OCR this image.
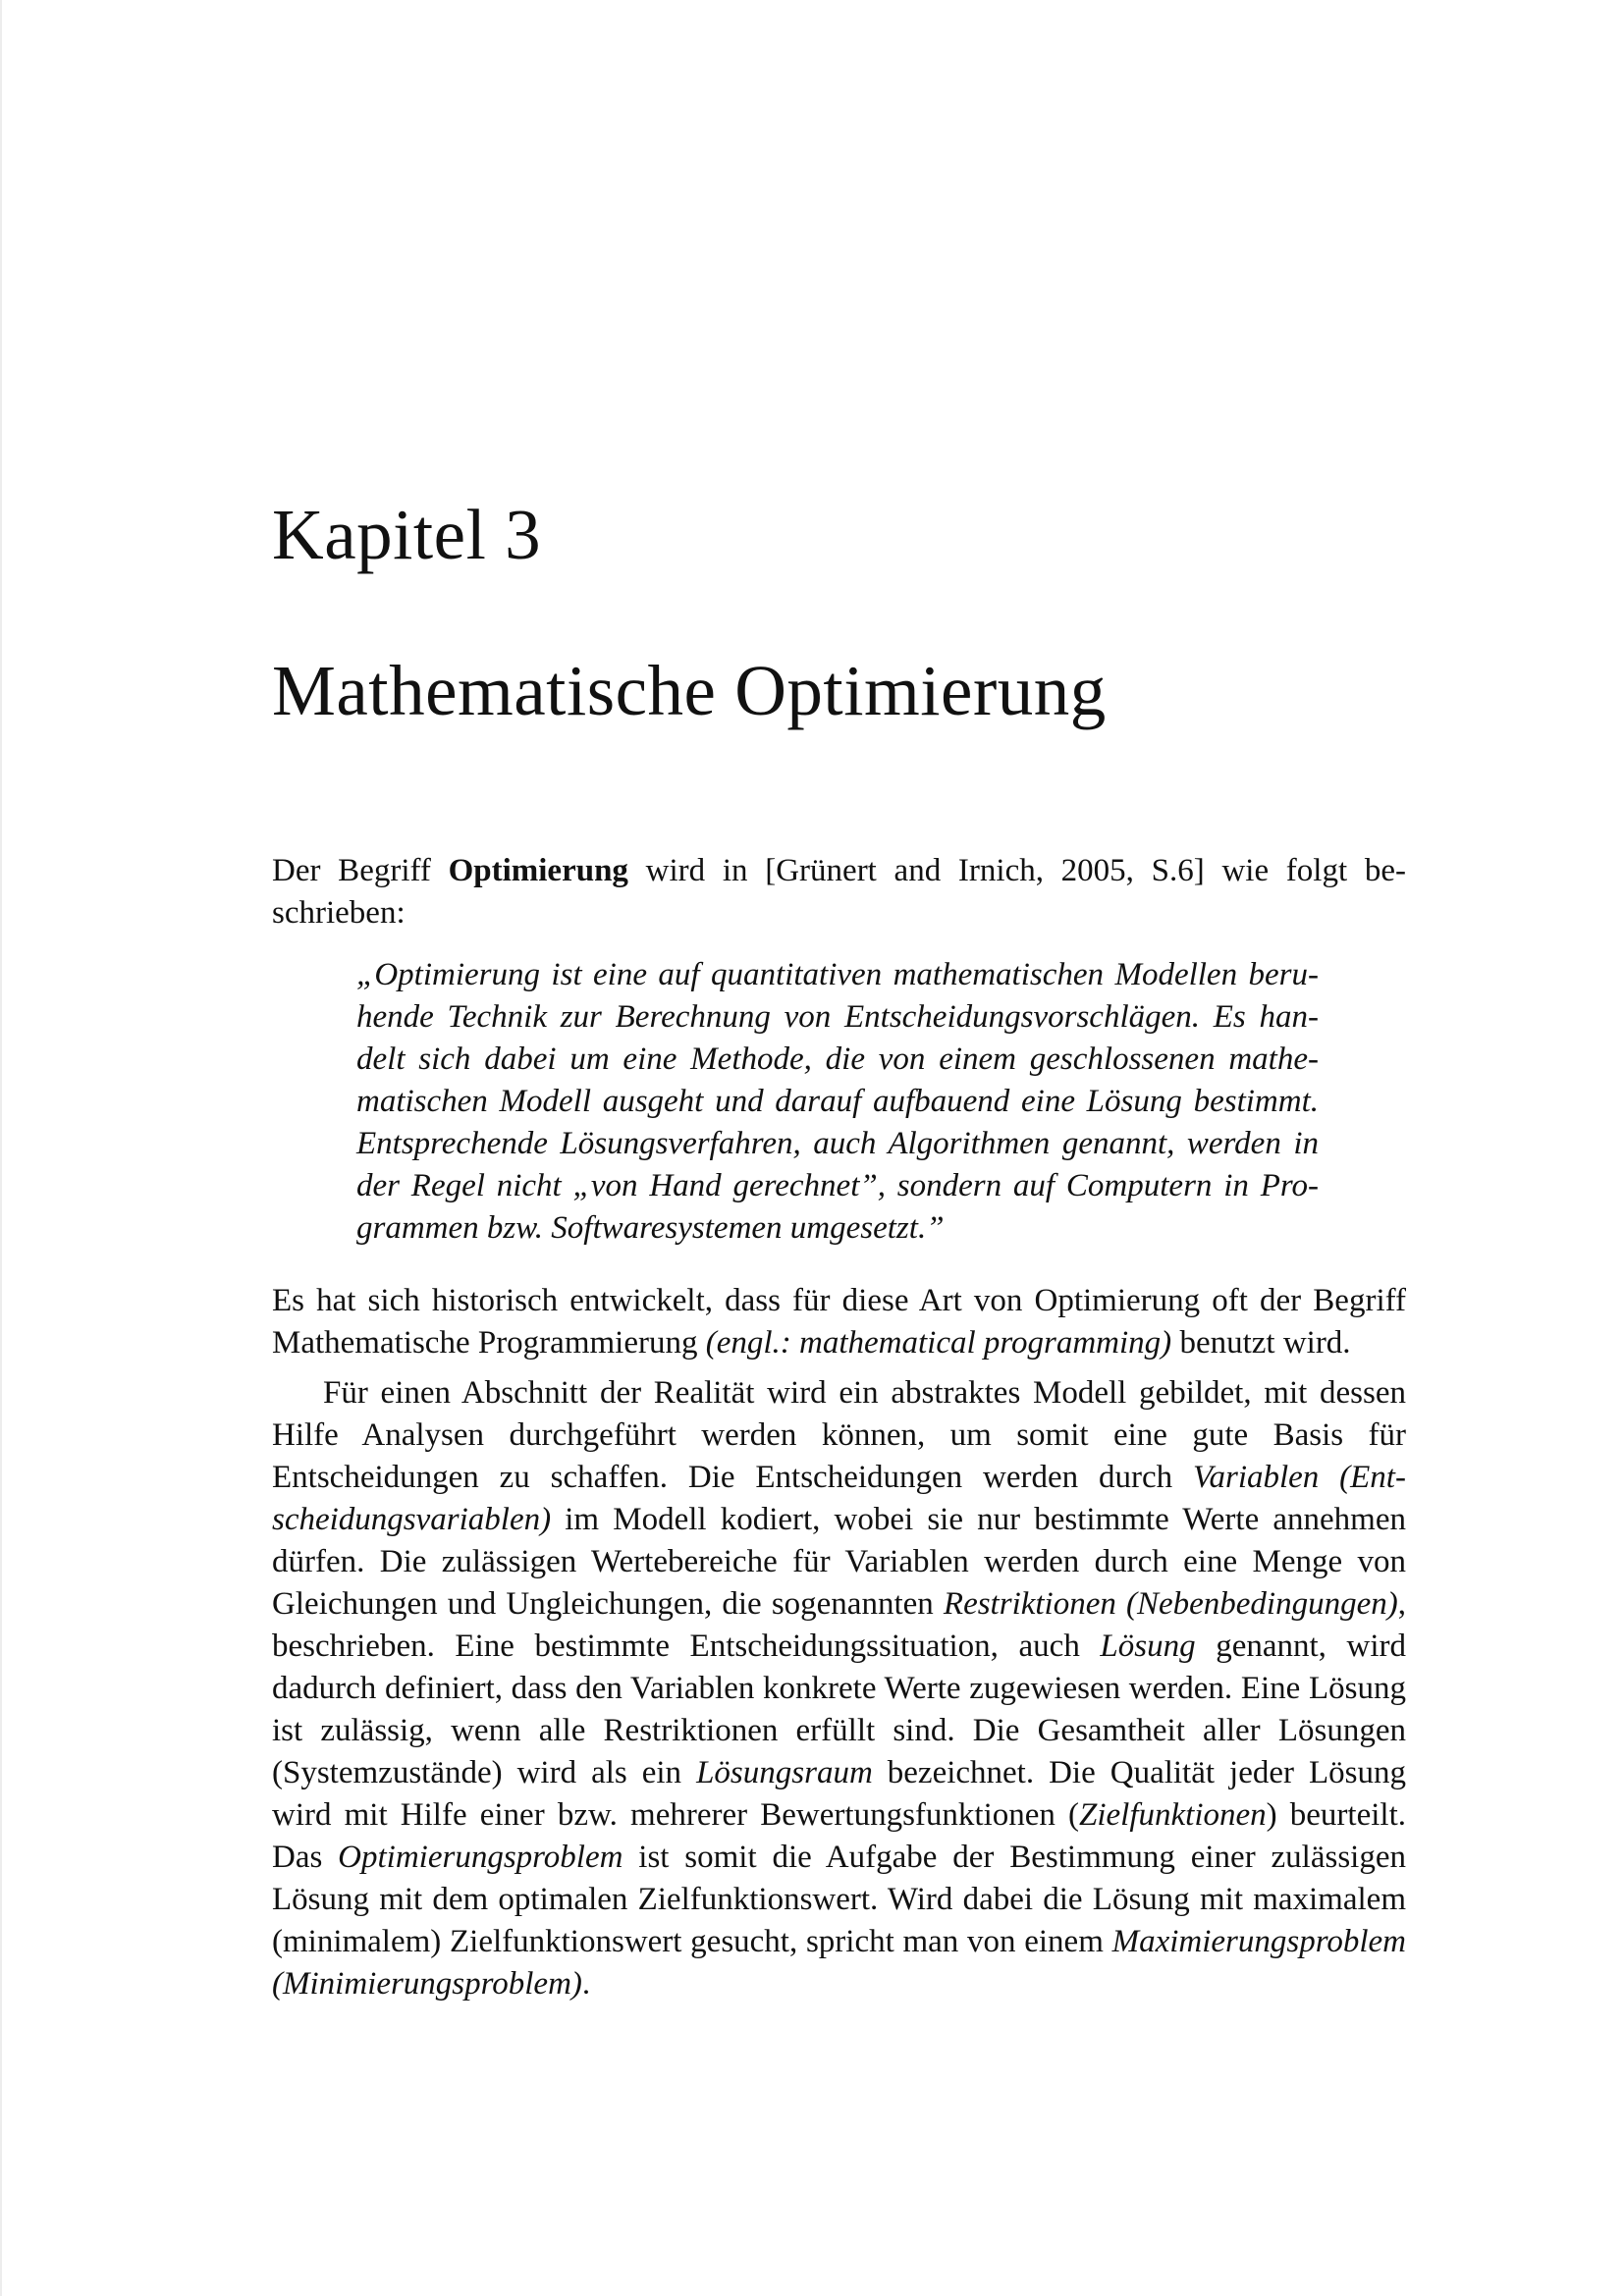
Kapitel 3
Mathematische Optimierung

Der Begriff Optimierung wird in [Grünert and Irnich, 2005, S.6] wie folgt beschrieben:

„Optimierung ist eine auf quantitativen mathematischen Modellen beruhende Technik zur Berechnung von Entscheidungsvorschlägen. Es handelt sich dabei um eine Methode, die von einem geschlossenen mathematischen Modell ausgeht und darauf aufbauend eine Lösung bestimmt. Entsprechende Lösungsverfahren, auch Algorithmen genannt, werden in der Regel nicht „von Hand gerechnet”, sondern auf Computern in Programmen bzw. Softwaresystemen umgesetzt.”

Es hat sich historisch entwickelt, dass für diese Art von Optimierung oft der Begriff Mathematische Programmierung (engl.: mathematical programming) benutzt wird.

Für einen Abschnitt der Realität wird ein abstraktes Modell gebildet, mit dessen Hilfe Analysen durchgeführt werden können, um somit eine gute Basis für Entscheidungen zu schaffen. Die Entscheidungen werden durch Variablen (Entscheidungsvariablen) im Modell kodiert, wobei sie nur bestimmte Werte annehmen dürfen. Die zulässigen Wertebereiche für Variablen werden durch eine Menge von Gleichungen und Ungleichungen, die sogenannten Restriktionen (Nebenbedingungen), beschrieben. Eine bestimmte Entscheidungssituation, auch Lösung genannt, wird dadurch definiert, dass den Variablen konkrete Werte zugewiesen werden. Eine Lösung ist zulässig, wenn alle Restriktionen erfüllt sind. Die Gesamtheit aller Lösungen (Systemzustände) wird als ein Lösungsraum bezeichnet. Die Qualität jeder Lösung wird mit Hilfe einer bzw. mehrerer Bewertungsfunktionen (Zielfunktionen) beurteilt. Das Optimierungsproblem ist somit die Aufgabe der Bestimmung einer zulässigen Lösung mit dem optimalen Zielfunktionswert. Wird dabei die Lösung mit maximalem (minimalem) Zielfunktionswert gesucht, spricht man von einem Maximierungsproblem (Minimierungsproblem).
